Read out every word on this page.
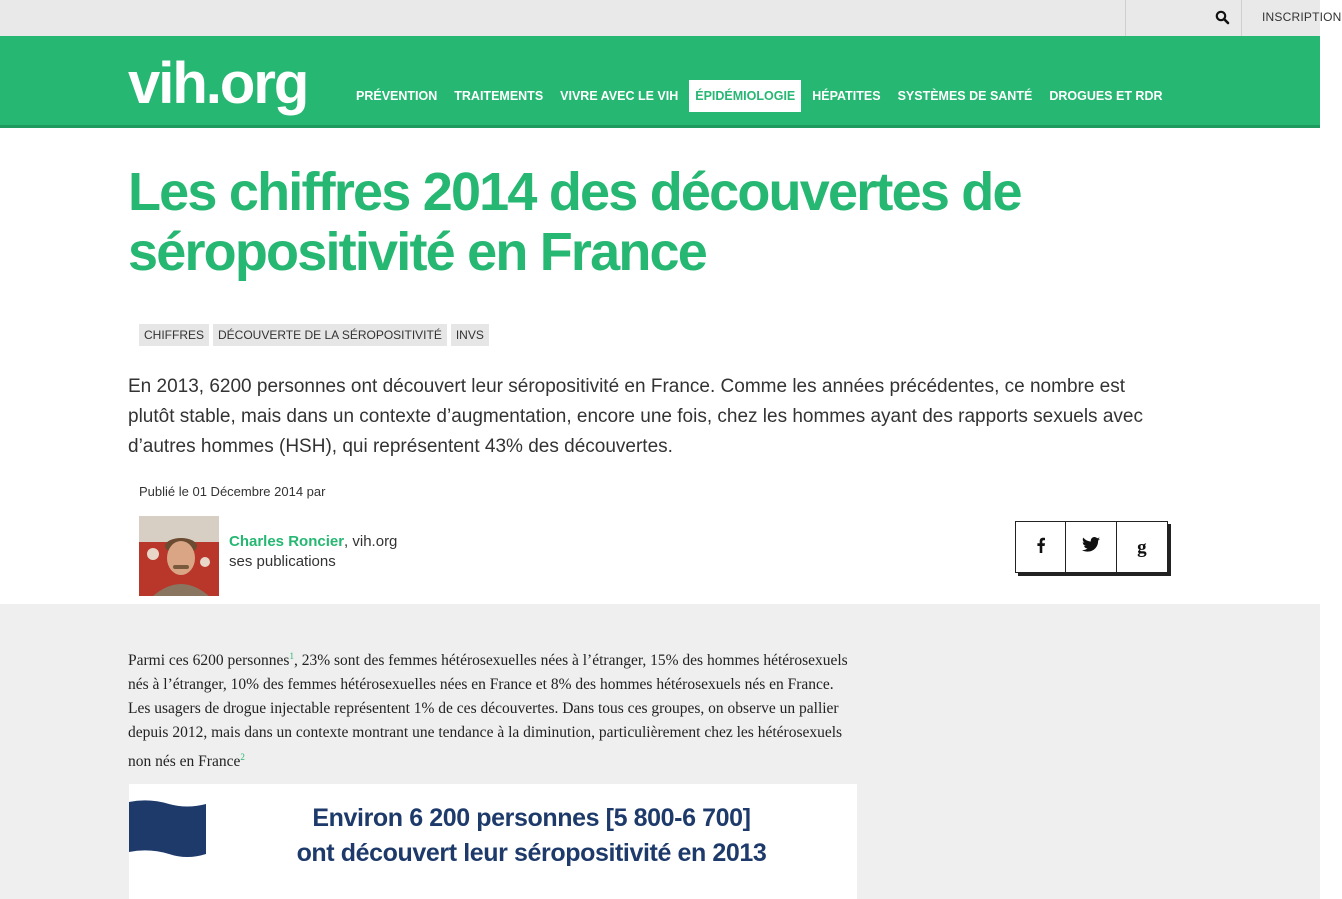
INSCRIPTION
vih.org	PRÉVENTION	TRAITEMENTS	VIVRE AVEC LE VIH	ÉPIDÉMIOLOGIE	HÉPATITES	SYSTÈMES DE SANTÉ	DROGUES ET RDR
Les chiffres 2014 des découvertes de séropositivité en France
CHIFFRES	DÉCOUVERTE DE LA SÉROPOSITIVITÉ	INVS

En 2013, 6200 personnes ont découvert leur séropositivité en France. Comme les années précédentes, ce nombre est plutôt stable, mais dans un contexte d’augmentation, encore une fois, chez les hommes ayant des rapports sexuels avec d’autres hommes (HSH), qui représentent 43% des découvertes.

Publié le 01 Décembre 2014 par
Charles Roncier, vih.org
ses publications
g

Parmi ces 6200 personnes$^1$, 23% sont des femmes hétérosexuelles nées à l’étranger, 15% des hommes hétérosexuels nés à l’étranger, 10% des femmes hétérosexuelles nées en France et 8% des hommes hétérosexuels nés en France. Les usagers de drogue injectable représentent 1% de ces découvertes. Dans tous ces groupes, on observe un pallier depuis 2012, mais dans un contexte montrant une tendance à la diminution, particulièrement chez les hétérosexuels non nés en France$^2$

Environ 6 200 personnes [5 800-6 700]
ont découvert leur séropositivité en 2013
